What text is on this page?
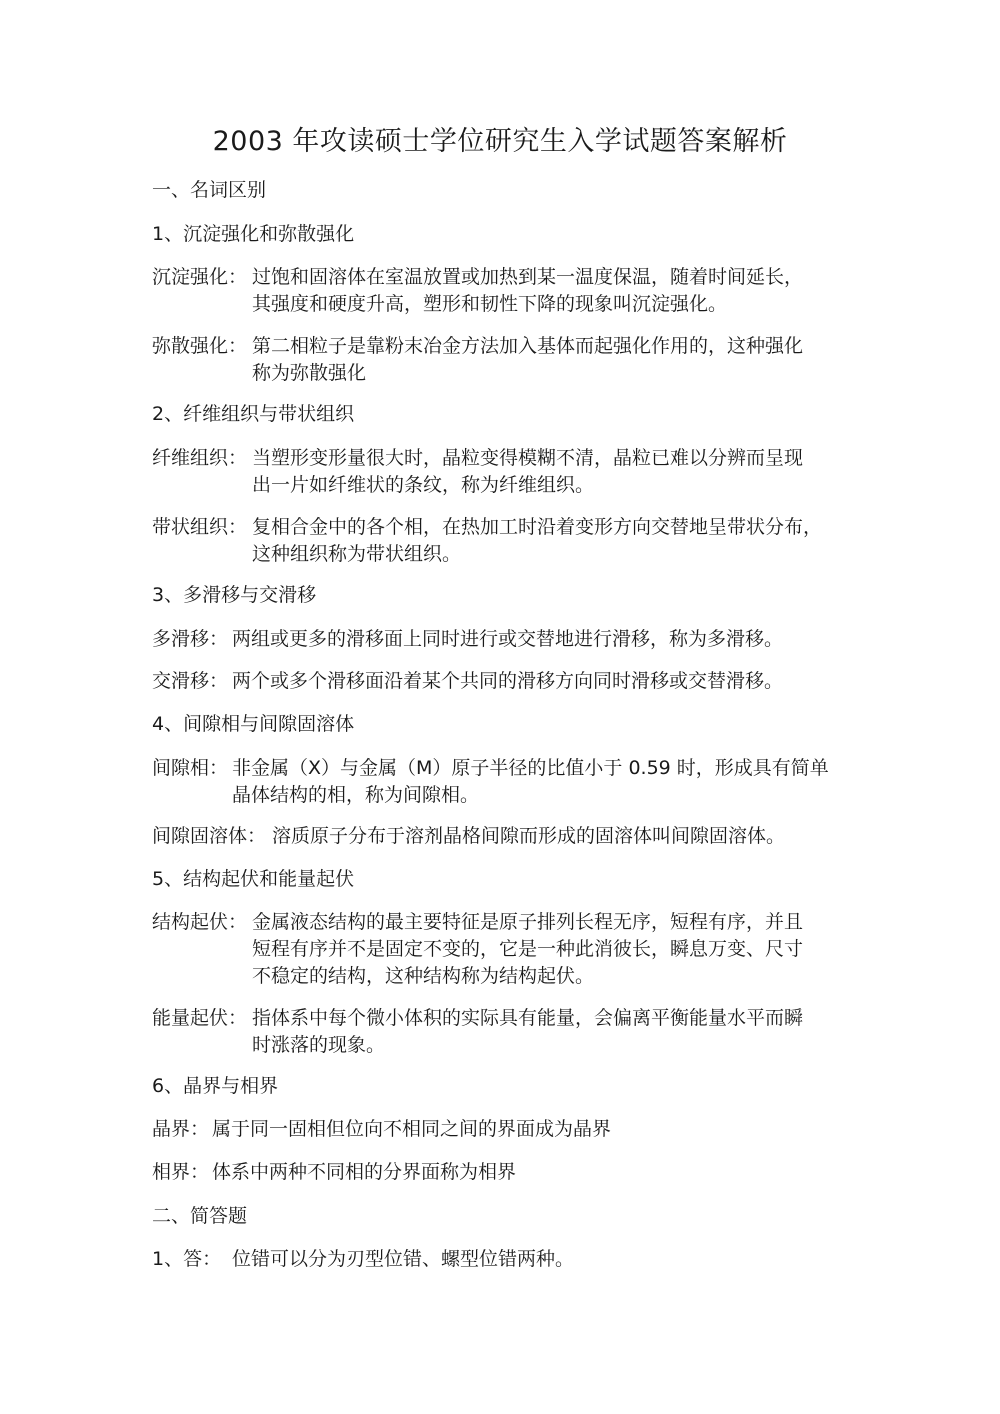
2003 年攻读硕士学位研究生入学试题答案解析
一、名词区别
1、沉淀强化和弥散强化
沉淀强化： 过饱和固溶体在室温放置或加热到某一温度保温，随着时间延长，
其强度和硬度升高，塑形和韧性下降的现象叫沉淀强化。
弥散强化： 第二相粒子是靠粉末冶金方法加入基体而起强化作用的，这种强化
称为弥散强化
2、纤维组织与带状组织
纤维组织： 当塑形变形量很大时，晶粒变得模糊不清，晶粒已难以分辨而呈现
出一片如纤维状的条纹，称为纤维组织。
带状组织： 复相合金中的各个相，在热加工时沿着变形方向交替地呈带状分布，
这种组织称为带状组织。
3、多滑移与交滑移
多滑移： 两组或更多的滑移面上同时进行或交替地进行滑移，称为多滑移。
交滑移： 两个或多个滑移面沿着某个共同的滑移方向同时滑移或交替滑移。
4、间隙相与间隙固溶体
间隙相： 非金属（X）与金属（M）原子半径的比值小于 0.59 时，形成具有简单
晶体结构的相，称为间隙相。
间隙固溶体： 溶质原子分布于溶剂晶格间隙而形成的固溶体叫间隙固溶体。
5、结构起伏和能量起伏
结构起伏： 金属液态结构的最主要特征是原子排列长程无序，短程有序，并且
短程有序并不是固定不变的，它是一种此消彼长，瞬息万变、尺寸
不稳定的结构，这种结构称为结构起伏。
能量起伏： 指体系中每个微小体积的实际具有能量，会偏离平衡能量水平而瞬
时涨落的现象。
6、晶界与相界
晶界： 属于同一固相但位向不相同之间的界面成为晶界
相界： 体系中两种不同相的分界面称为相界
二、简答题
1、答： 位错可以分为刃型位错、螺型位错两种。
